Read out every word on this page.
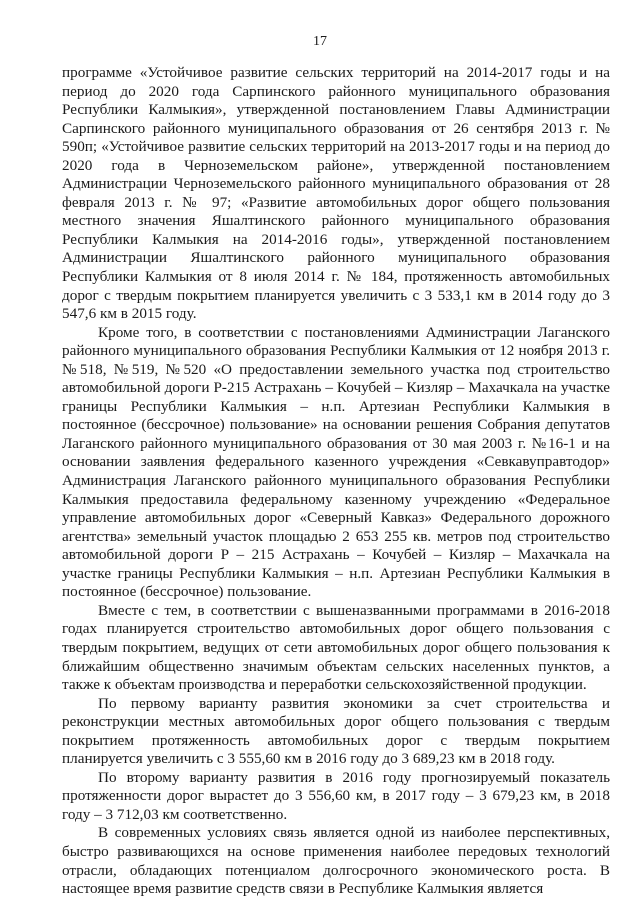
17

программе «Устойчивое развитие сельских территорий на 2014-2017 годы и на период до 2020 года Сарпинского районного муниципального образования Республики Калмыкия», утвержденной постановлением Главы Администрации Сарпинского районного муниципального образования от 26 сентября 2013 г. № 590п; «Устойчивое развитие сельских территорий на 2013-2017 годы и на период до 2020 года в Черноземельском районе», утвержденной постановлением Администрации Черноземельского районного муниципального образования от 28 февраля 2013 г. № 97; «Развитие автомобильных дорог общего пользования местного значения Яшалтинского районного муниципального образования Республики Калмыкия на 2014-2016 годы», утвержденной постановлением Администрации Яшалтинского районного муниципального образования Республики Калмыкия от 8 июля 2014 г. № 184, протяженность автомобильных дорог с твердым покрытием планируется увеличить с 3 533,1 км в 2014 году до 3 547,6 км в 2015 году.

Кроме того, в соответствии с постановлениями Администрации Лаганского районного муниципального образования Республики Калмыкия от 12 ноября 2013 г. №518, №519, №520 «О предоставлении земельного участка под строительство автомобильной дороги Р-215 Астрахань – Кочубей – Кизляр – Махачкала на участке границы Республики Калмыкия – н.п. Артезиан Республики Калмыкия в постоянное (бессрочное) пользование» на основании решения Собрания депутатов Лаганского районного муниципального образования от 30 мая 2003 г. №16-1 и на основании заявления федерального казенного учреждения «Севкавуправтодор» Администрация Лаганского районного муниципального образования Республики Калмыкия предоставила федеральному казенному учреждению «Федеральное управление автомобильных дорог «Северный Кавказ» Федерального дорожного агентства» земельный участок площадью 2 653 255 кв. метров под строительство автомобильной дороги Р – 215 Астрахань – Кочубей – Кизляр – Махачкала на участке границы Республики Калмыкия – н.п. Артезиан Республики Калмыкия в постоянное (бессрочное) пользование.

Вместе с тем, в соответствии с вышеназванными программами в 2016-2018 годах планируется строительство автомобильных дорог общего пользования с твердым покрытием, ведущих от сети автомобильных дорог общего пользования к ближайшим общественно значимым объектам сельских населенных пунктов, а также к объектам производства и переработки сельскохозяйственной продукции.

По первому варианту развития экономики за счет строительства и реконструкции местных автомобильных дорог общего пользования с твердым покрытием протяженность автомобильных дорог с твердым покрытием планируется увеличить с 3 555,60 км в 2016 году до 3 689,23 км в 2018 году.

По второму варианту развития в 2016 году прогнозируемый показатель протяженности дорог вырастет до 3 556,60 км, в 2017 году – 3 679,23 км, в 2018 году – 3 712,03 км соответственно.

В современных условиях связь является одной из наиболее перспективных, быстро развивающихся на основе применения наиболее передовых технологий отрасли, обладающих потенциалом долгосрочного экономического роста. В настоящее время развитие средств связи в Республике Калмыкия является
